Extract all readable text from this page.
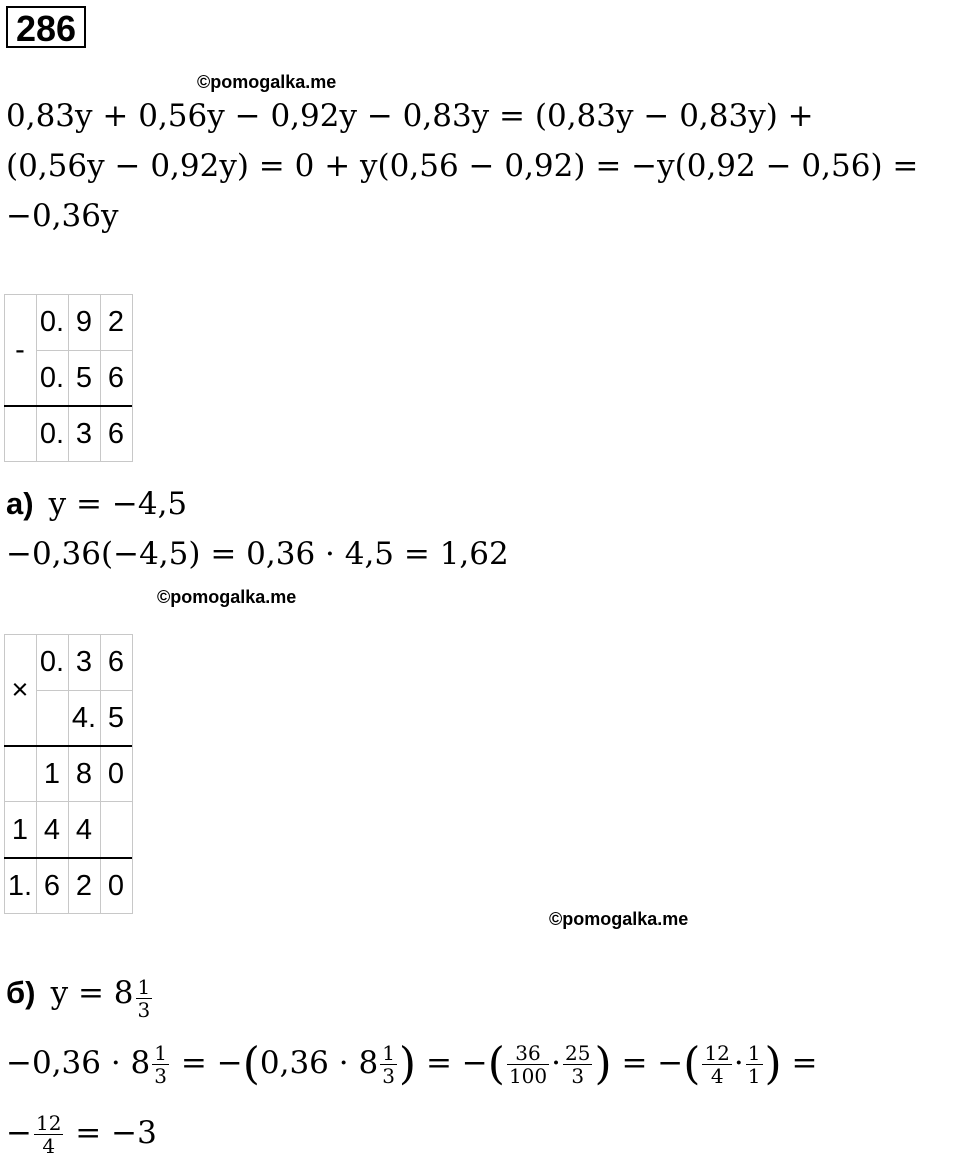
286
©pomogalka.me
0,83y + 0,56y − 0,92y − 0,83y = (0,83y − 0,83y) +
(0,56y − 0,92y) = 0 + y(0,56 − 0,92) = −y(0,92 − 0,56) =
−0,36y
-
0. 9 2
0. 5 6
0. 3 6
а) y = −4,5
−0,36(−4,5) = 0,36 · 4,5 = 1,62
©pomogalka.me
×
0. 3 6
4. 5
1 8 0
1 4 4
1. 6 2 0
©pomogalka.me
б) $y = 8 \frac{1}{3}$
$-0,36 \cdot 8 \frac{1}{3} = -(0,36 \cdot 8 \frac{1}{3}$ ) = −( $\frac{36}{100} \cdot \frac{25}{3}$ ) = −( $\frac{12}{4} \cdot \frac{1}{1}$ ) =
− $\frac{12}{4} = -3$
